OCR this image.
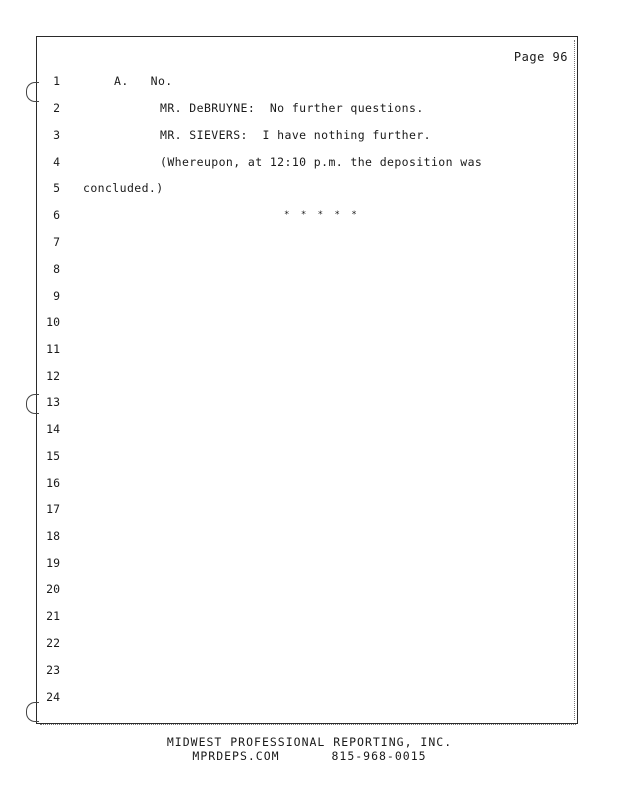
Page 96
1	A.   No.
2	MR. DeBRUYNE:  No further questions.
3	MR. SIEVERS:  I have nothing further.
4	(Whereupon, at 12:10 p.m. the deposition was
5 concluded.)
6	* * * * *
7
8
9
10
11
12
13
14
15
16
17
18
19
20
21
22
23
24
MIDWEST PROFESSIONAL REPORTING, INC.
MPRDEPS.COM	815-968-0015
